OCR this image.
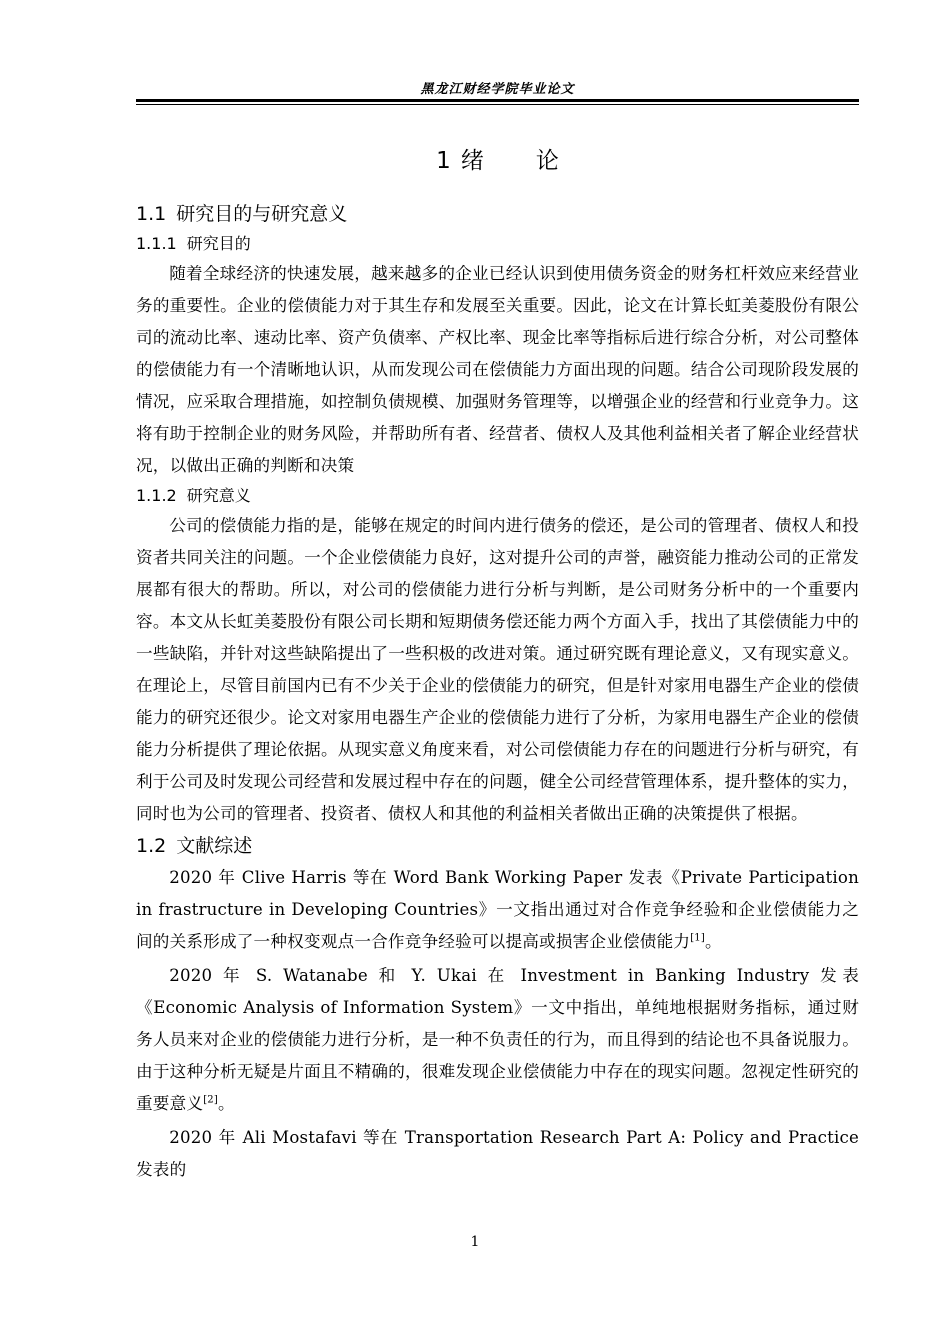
黑龙江财经学院毕业论文
1 绪 论
1.1 研究目的与研究意义
1.1.1 研究目的

随着全球经济的快速发展，越来越多的企业已经认识到使用债务资金的财务杠杆效应来经营业务的重要性。企业的偿债能力对于其生存和发展至关重要。因此，论文在计算长虹美菱股份有限公司的流动比率、速动比率、资产负债率、产权比率、现金比率等指标后进行综合分析，对公司整体的偿债能力有一个清晰地认识，从而发现公司在偿债能力方面出现的问题。结合公司现阶段发展的情况，应采取合理措施，如控制负债规模、加强财务管理等，以增强企业的经营和行业竞争力。这将有助于控制企业的财务风险，并帮助所有者、经营者、债权人及其他利益相关者了解企业经营状况，以做出正确的判断和决策

1.1.2 研究意义

公司的偿债能力指的是，能够在规定的时间内进行债务的偿还，是公司的管理者、债权人和投资者共同关注的问题。一个企业偿债能力良好，这对提升公司的声誉，融资能力推动公司的正常发展都有很大的帮助。所以，对公司的偿债能力进行分析与判断，是公司财务分析中的一个重要内容。本文从长虹美菱股份有限公司长期和短期债务偿还能力两个方面入手，找出了其偿债能力中的一些缺陷，并针对这些缺陷提出了一些积极的改进对策。通过研究既有理论意义，又有现实意义。在理论上，尽管目前国内已有不少关于企业的偿债能力的研究，但是针对家用电器生产企业的偿债能力的研究还很少。论文对家用电器生产企业的偿债能力进行了分析，为家用电器生产企业的偿债能力分析提供了理论依据。从现实意义角度来看，对公司偿债能力存在的问题进行分析与研究，有利于公司及时发现公司经营和发展过程中存在的问题，健全公司经营管理体系，提升整体的实力，同时也为公司的管理者、投资者、债权人和其他的利益相关者做出正确的决策提供了根据。

1.2 文献综述

2020 年 Clive Harris 等在 Word Bank Working Paper 发表《Private Participation in frastructure in Developing Countries》一文指出通过对合作竞争经验和企业偿债能力之间的关系形成了一种权变观点一合作竞争经验可以提高或损害企业偿债能力[1]。

2020 年 S. Watanabe 和 Y. Ukai 在 Investment in Banking Industry 发表《Economic Analysis of Information System》一文中指出，单纯地根据财务指标，通过财务人员来对企业的偿债能力进行分析，是一种不负责任的行为，而且得到的结论也不具备说服力。由于这种分析无疑是片面且不精确的，很难发现企业偿债能力中存在的现实问题。忽视定性研究的重要意义[2]。

2020 年 Ali Mostafavi 等在 Transportation Research Part A: Policy and Practice 发表的

1
